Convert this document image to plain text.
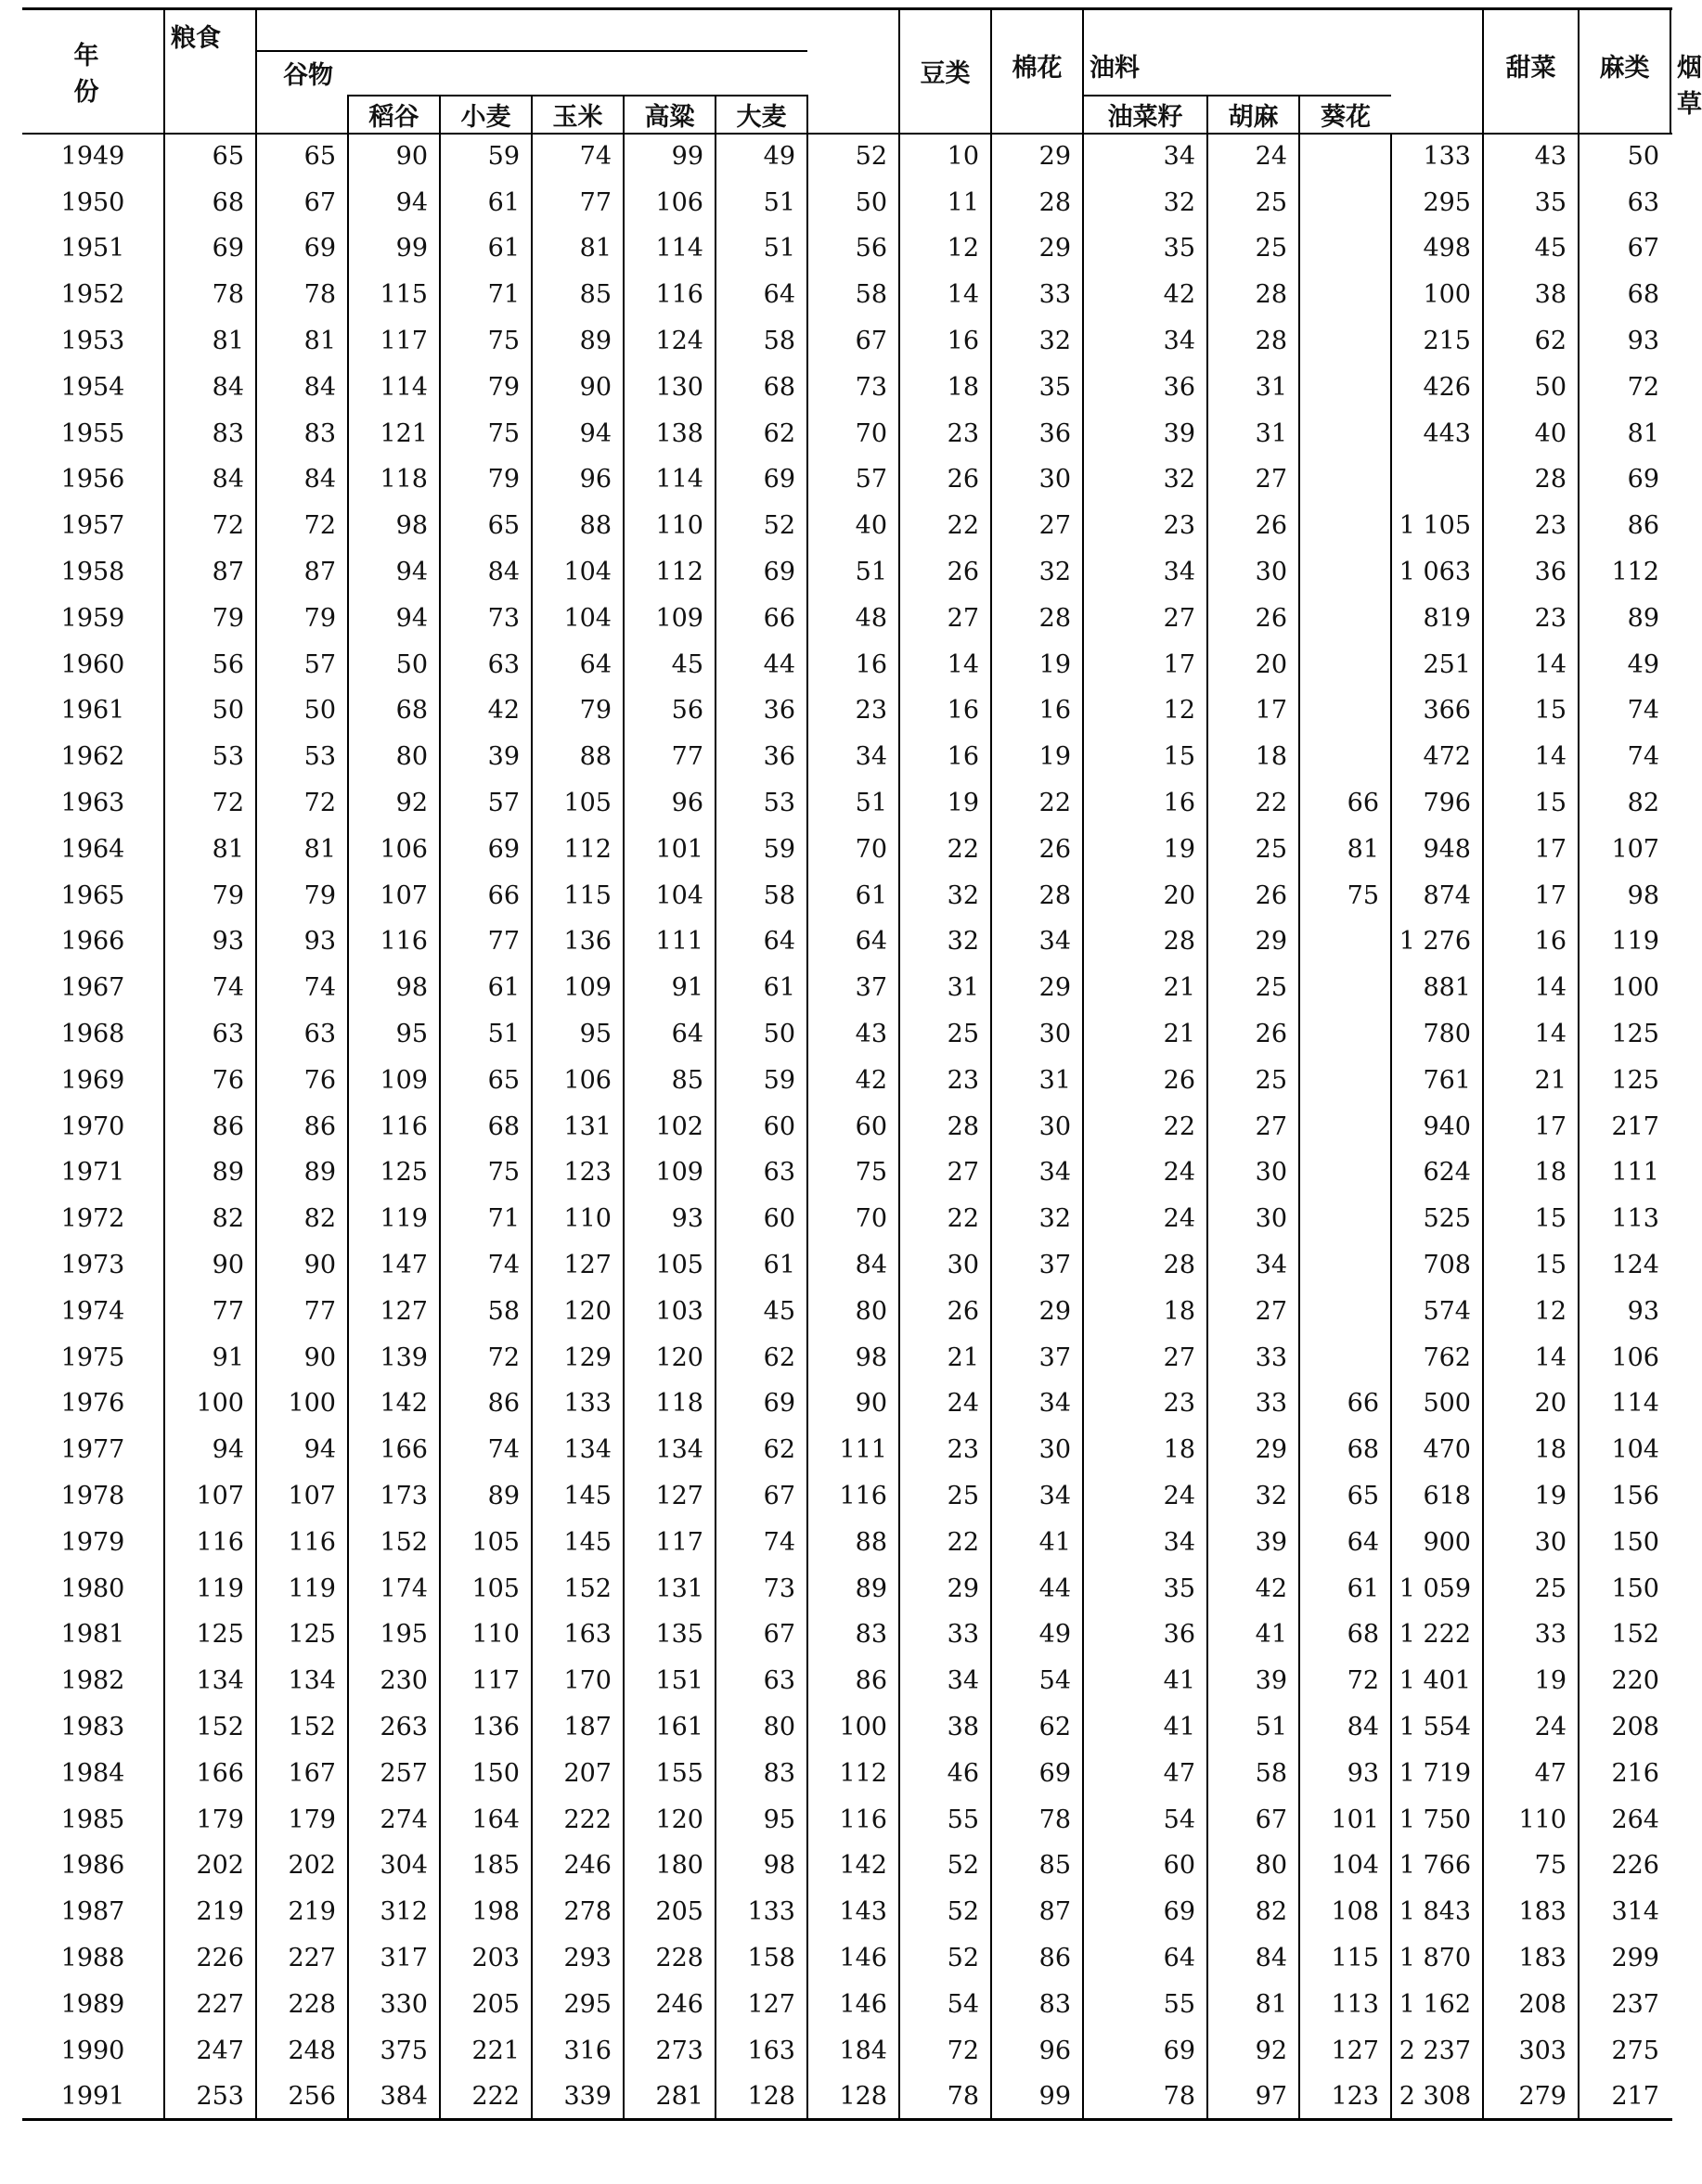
年 份	粮食								豆类	棉花	油料				甜菜	麻类	烟草
		谷物															
			稻谷	小麦	玉米	高粱	大麦				油菜籽	胡麻	葵花				
1949	65	65	90	59	74	99	49	52	10	29	34	24		133	43	50	
1950	68	67	94	61	77	106	51	50	11	28	32	25		295	35	63	
1951	69	69	99	61	81	114	51	56	12	29	35	25		498	45	67	
1952	78	78	115	71	85	116	64	58	14	33	42	28		100	38	68	
1953	81	81	117	75	89	124	58	67	16	32	34	28		215	62	93	
1954	84	84	114	79	90	130	68	73	18	35	36	31		426	50	72	
1955	83	83	121	75	94	138	62	70	23	36	39	31		443	40	81	
1956	84	84	118	79	96	114	69	57	26	30	32	27			28	69	
1957	72	72	98	65	88	110	52	40	22	27	23	26		1 105	23	86	
1958	87	87	94	84	104	112	69	51	26	32	34	30		1 063	36	112	
1959	79	79	94	73	104	109	66	48	27	28	27	26		819	23	89	
1960	56	57	50	63	64	45	44	16	14	19	17	20		251	14	49	
1961	50	50	68	42	79	56	36	23	16	16	12	17		366	15	74	
1962	53	53	80	39	88	77	36	34	16	19	15	18		472	14	74	
1963	72	72	92	57	105	96	53	51	19	22	16	22	66	796	15	82	
1964	81	81	106	69	112	101	59	70	22	26	19	25	81	948	17	107	
1965	79	79	107	66	115	104	58	61	32	28	20	26	75	874	17	98	
1966	93	93	116	77	136	111	64	64	32	34	28	29		1 276	16	119	
1967	74	74	98	61	109	91	61	37	31	29	21	25		881	14	100	
1968	63	63	95	51	95	64	50	43	25	30	21	26		780	14	125	
1969	76	76	109	65	106	85	59	42	23	31	26	25		761	21	125	
1970	86	86	116	68	131	102	60	60	28	30	22	27		940	17	217	
1971	89	89	125	75	123	109	63	75	27	34	24	30		624	18	111	
1972	82	82	119	71	110	93	60	70	22	32	24	30		525	15	113	
1973	90	90	147	74	127	105	61	84	30	37	28	34		708	15	124	
1974	77	77	127	58	120	103	45	80	26	29	18	27		574	12	93	
1975	91	90	139	72	129	120	62	98	21	37	27	33		762	14	106	
1976	100	100	142	86	133	118	69	90	24	34	23	33	66	500	20	114	
1977	94	94	166	74	134	134	62	111	23	30	18	29	68	470	18	104	
1978	107	107	173	89	145	127	67	116	25	34	24	32	65	618	19	156	
1979	116	116	152	105	145	117	74	88	22	41	34	39	64	900	30	150	
1980	119	119	174	105	152	131	73	89	29	44	35	42	61	1 059	25	150	
1981	125	125	195	110	163	135	67	83	33	49	36	41	68	1 222	33	152	
1982	134	134	230	117	170	151	63	86	34	54	41	39	72	1 401	19	220	
1983	152	152	263	136	187	161	80	100	38	62	41	51	84	1 554	24	208	
1984	166	167	257	150	207	155	83	112	46	69	47	58	93	1 719	47	216	
1985	179	179	274	164	222	120	95	116	55	78	54	67	101	1 750	110	264	
1986	202	202	304	185	246	180	98	142	52	85	60	80	104	1 766	75	226	
1987	219	219	312	198	278	205	133	143	52	87	69	82	108	1 843	183	314	
1988	226	227	317	203	293	228	158	146	52	86	64	84	115	1 870	183	299	
1989	227	228	330	205	295	246	127	146	54	83	55	81	113	1 162	208	237	
1990	247	248	375	221	316	273	163	184	72	96	69	92	127	2 237	303	275	
1991	253	256	384	222	339	281	128	128	78	99	78	97	123	2 308	279	217	
